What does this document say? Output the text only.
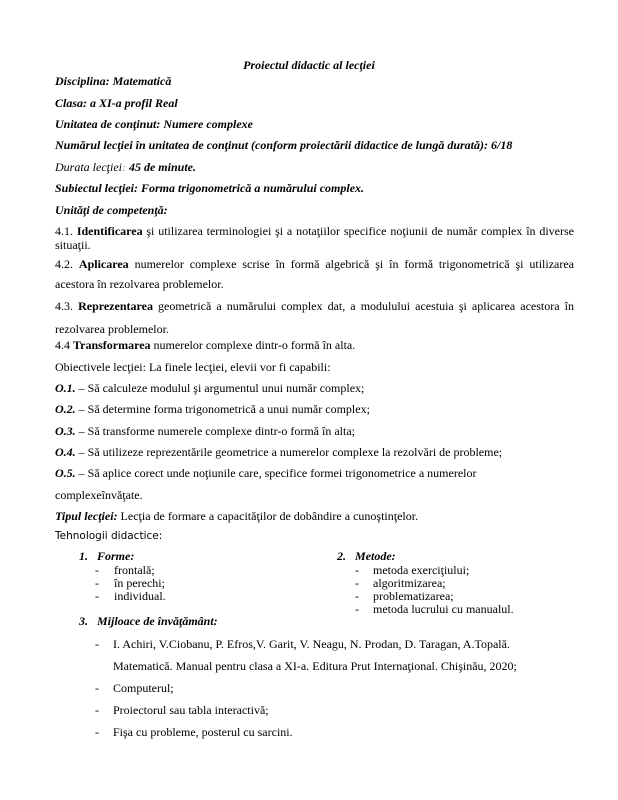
Proiectul didactic al lecţiei
Disciplina: Matematică
Clasa: a XI-a profil Real
Unitatea de conţinut: Numere complexe
Numărul lecţiei în unitatea de conţinut (conform proiectării didactice de lungă durată): 6/18
Durata lecţiei: 45 de minute.
Subiectul lecţiei: Forma trigonometrică a numărului complex.
Unităţi de competenţă:
4.1. Identificarea şi utilizarea terminologiei şi a notaţiilor specifice noţiunii de număr complex în diverse situaţii.
4.2. Aplicarea numerelor complexe scrise în formă algebrică şi în formă trigonometrică şi utilizarea acestora în rezolvarea problemelor.
4.3. Reprezentarea geometrică a numărului complex dat, a modulului acestuia şi aplicarea acestora în rezolvarea problemelor.
4.4 Transformarea numerelor complexe dintr-o formă în alta.
Obiectivele lecţiei: La finele lecţiei, elevii vor fi capabili:
O.1. – Să calculeze modulul şi argumentul unui număr complex;
O.2. – Să determine forma trigonometrică a unui număr complex;
O.3. – Să transforme numerele complexe dintr-o formă în alta;
O.4. – Să utilizeze reprezentările geometrice a numerelor complexe la rezolvări de probleme;
O.5. – Să aplice corect unde noţiunile care, specifice formei trigonometrice a numerelor
complexeînvăţate.
Tipul lecţiei: Lecţia de formare a capacităţilor de dobândire a cunoştinţelor.
Tehnologii didactice:
1. Forme:
- frontală;
- în perechi;
- individual.
2. Metode:
- metoda exerciţiului;
- algoritmizarea;
- problematizarea;
- metoda lucrului cu manualul.
3. Mijloace de învăţământ:
- I. Achiri, V.Ciobanu, P. Efros,V. Garit, V. Neagu, N. Prodan, D. Taragan, A.Topală.
Matematică. Manual pentru clasa a XI-a. Editura Prut Internaţional. Chişinău, 2020;
- Computerul;
- Proiectorul sau tabla interactivă;
- Fişa cu probleme, posterul cu sarcini.
